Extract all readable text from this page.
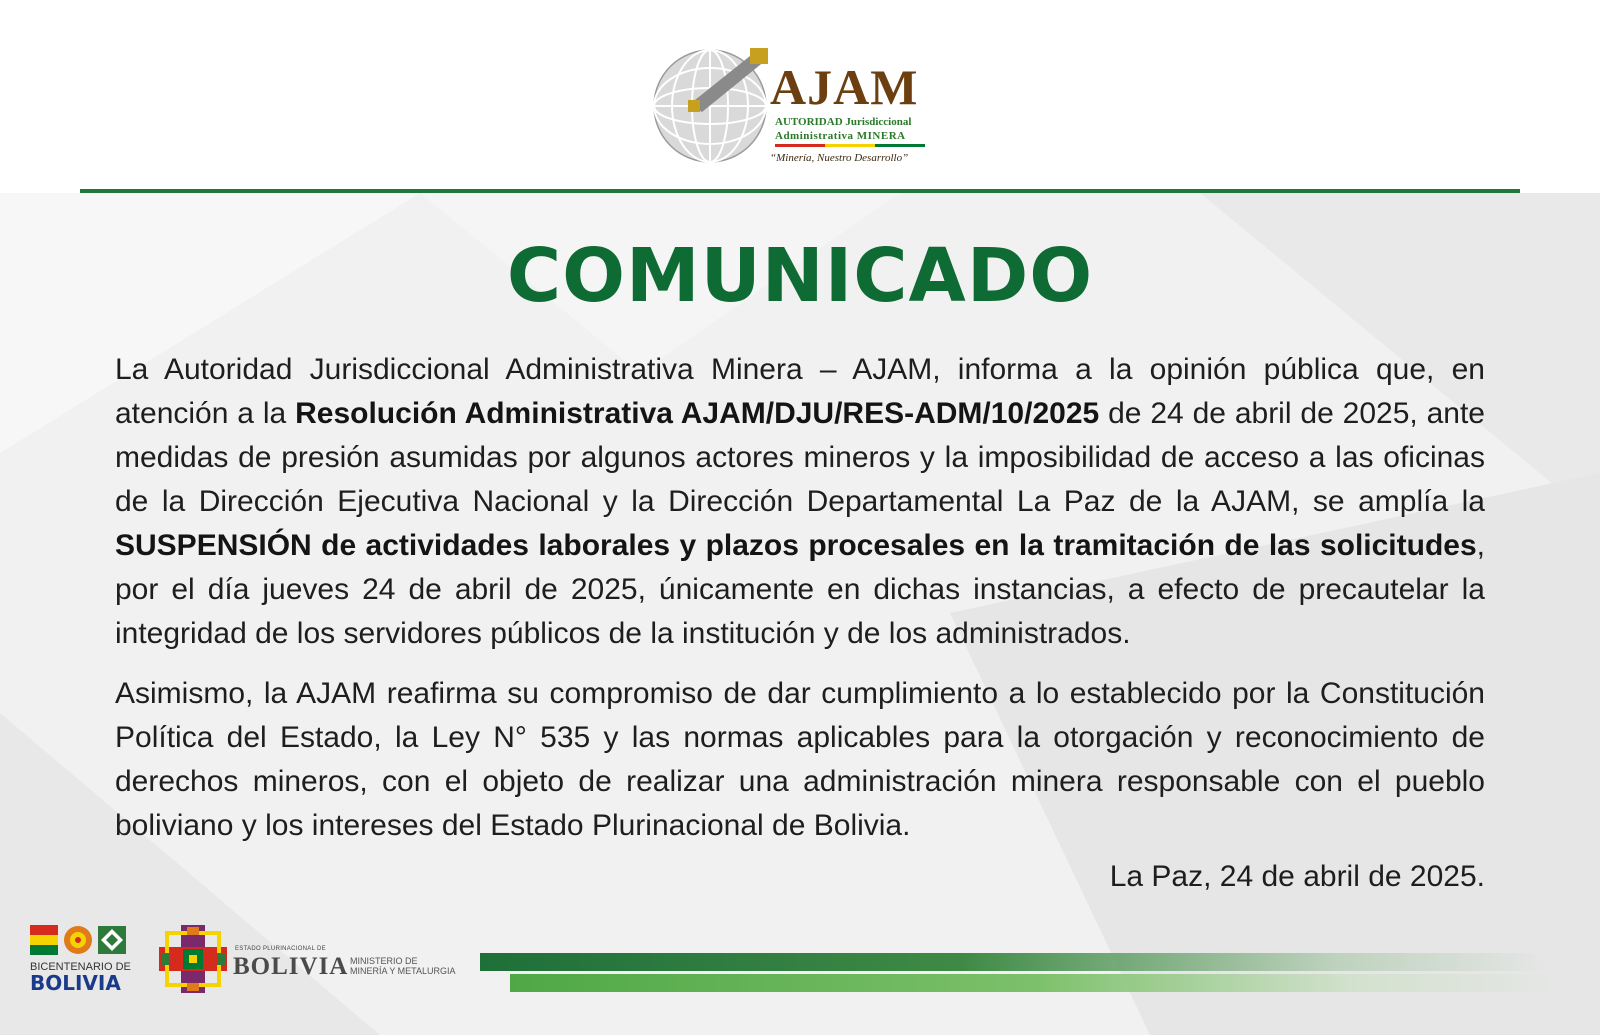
AJAM
AUTORIDAD Jurisdiccional
Administrativa MINERA
“Minería, Nuestro Desarrollo”
COMUNICADO

La Autoridad Jurisdiccional Administrativa Minera – AJAM, informa a la opinión pública que, en atención a la Resolución Administrativa AJAM/DJU/RES-ADM/10/2025 de 24 de abril de 2025, ante medidas de presión asumidas por algunos actores mineros y la imposibilidad de acceso a las oficinas de la Dirección Ejecutiva Nacional y la Dirección Departamental La Paz de la AJAM, se amplía la SUSPENSIÓN de actividades laborales y plazos procesales en la tramitación de las solicitudes, por el día jueves 24 de abril de 2025, únicamente en dichas instancias, a efecto de precautelar la integridad de los servidores públicos de la institución y de los administrados.

Asimismo, la AJAM reafirma su compromiso de dar cumplimiento a lo establecido por la Constitución Política del Estado, la Ley N° 535 y las normas aplicables para la otorgación y reconocimiento de derechos mineros, con el objeto de realizar una administración minera responsable con el pueblo boliviano y los intereses del Estado Plurinacional de Bolivia.

La Paz, 24 de abril de 2025.
BICENTENARIO DE
BOLIVIA
ESTADO PLURINACIONAL DE
BOLIVIA MINISTERIO DE
MINERÍA Y METALURGIA
